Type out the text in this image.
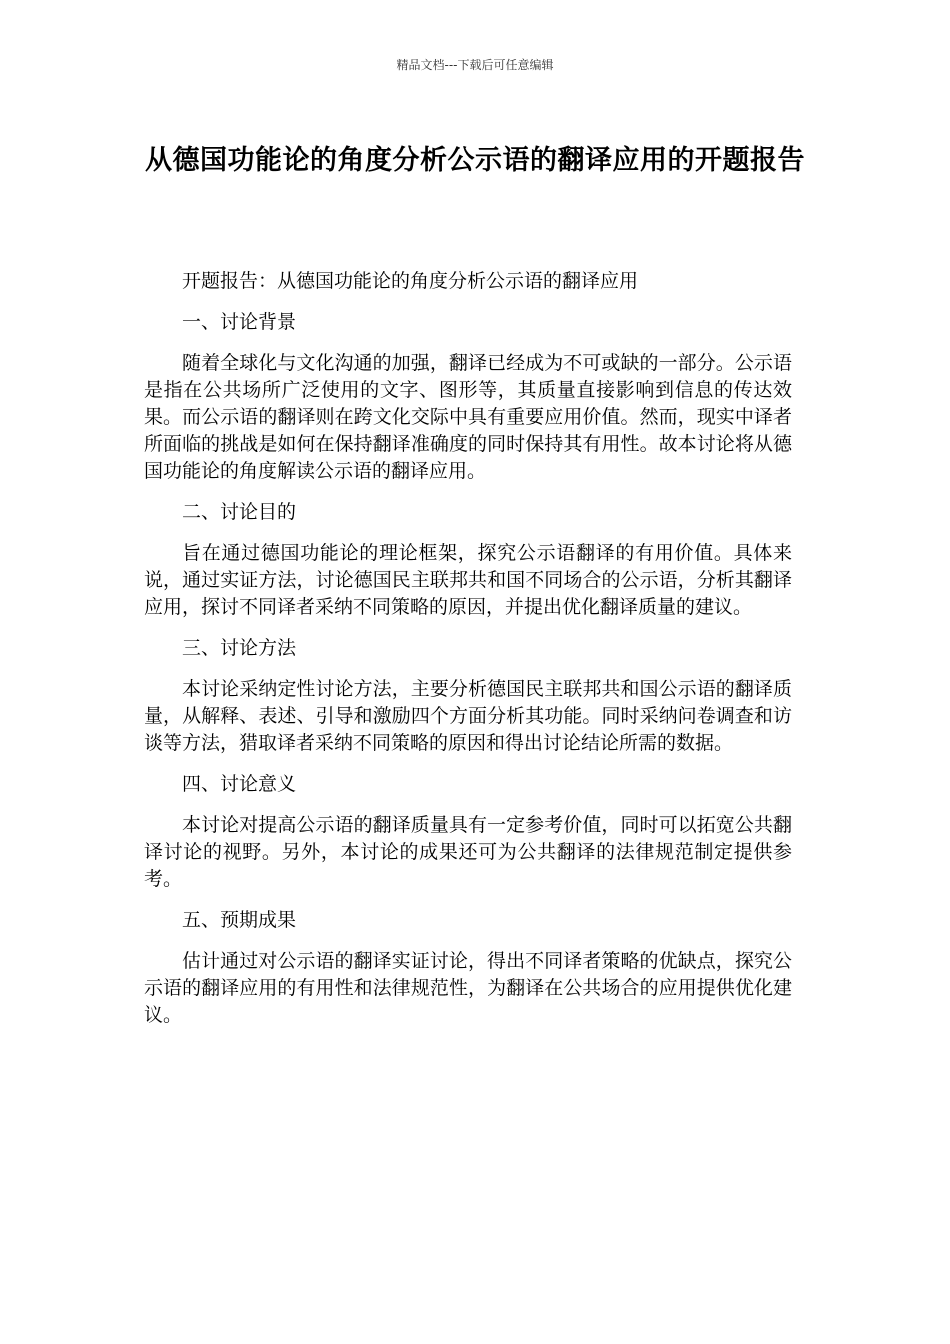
精品文档---下载后可任意编辑
从德国功能论的角度分析公示语的翻译应用的开题报告

开题报告：从德国功能论的角度分析公示语的翻译应用

一、讨论背景

随着全球化与文化沟通的加强，翻译已经成为不可或缺的一部分。公示语是指在公共场所广泛使用的文字、图形等，其质量直接影响到信息的传达效果。而公示语的翻译则在跨文化交际中具有重要应用价值。然而，现实中译者所面临的挑战是如何在保持翻译准确度的同时保持其有用性。故本讨论将从德国功能论的角度解读公示语的翻译应用。

二、讨论目的

旨在通过德国功能论的理论框架，探究公示语翻译的有用价值。具体来说，通过实证方法，讨论德国民主联邦共和国不同场合的公示语，分析其翻译应用，探讨不同译者采纳不同策略的原因，并提出优化翻译质量的建议。

三、讨论方法

本讨论采纳定性讨论方法，主要分析德国民主联邦共和国公示语的翻译质量，从解释、表述、引导和激励四个方面分析其功能。同时采纳问卷调查和访谈等方法，猎取译者采纳不同策略的原因和得出讨论结论所需的数据。

四、讨论意义

本讨论对提高公示语的翻译质量具有一定参考价值，同时可以拓宽公共翻译讨论的视野。另外，本讨论的成果还可为公共翻译的法律规范制定提供参考。

五、预期成果

估计通过对公示语的翻译实证讨论，得出不同译者策略的优缺点，探究公示语的翻译应用的有用性和法律规范性，为翻译在公共场合的应用提供优化建议。
